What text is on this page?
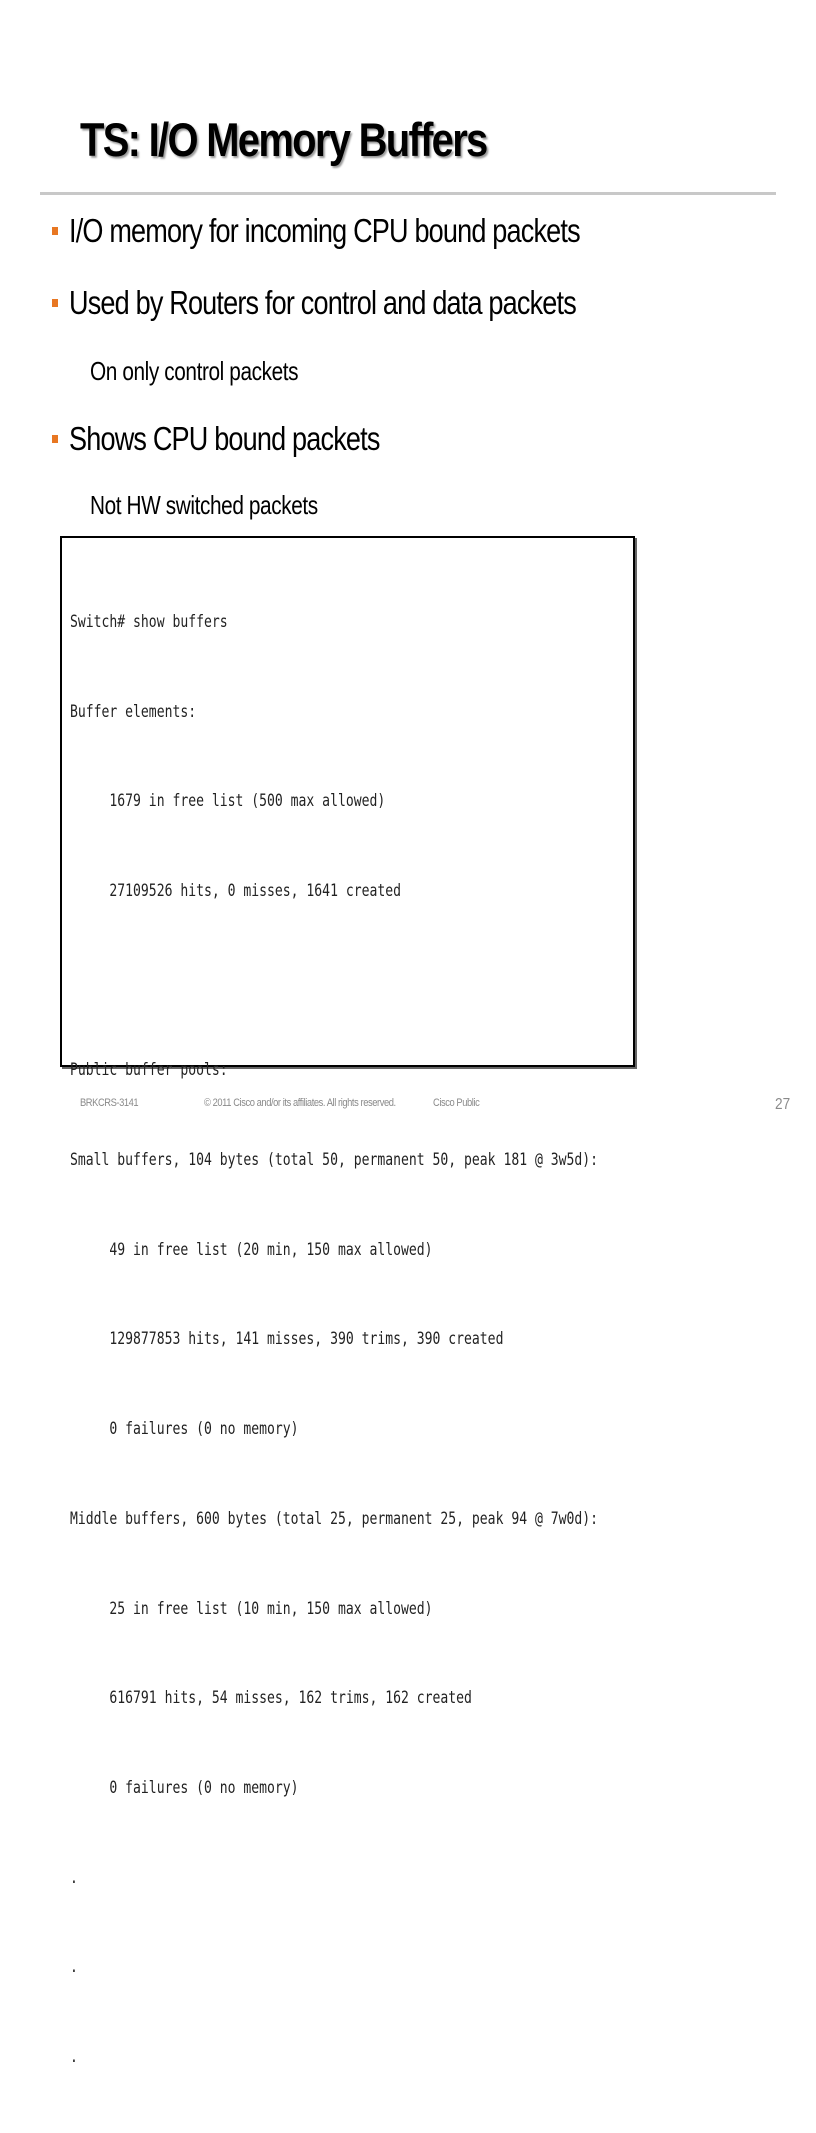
TS: I/O Memory Buffers
I/O memory for incoming CPU bound packets
Used by Routers for control and data packets
On only control packets
Shows CPU bound packets
Not HW switched packets

Switch# show buffers

Buffer elements:

1679 in free list (500 max allowed)

27109526 hits, 0 misses, 1641 created

Public buffer pools:

Small buffers, 104 bytes (total 50, permanent 50, peak 181 @ 3w5d):

49 in free list (20 min, 150 max allowed)

129877853 hits, 141 misses, 390 trims, 390 created

0 failures (0 no memory)

Middle buffers, 600 bytes (total 25, permanent 25, peak 94 @ 7w0d):

25 in free list (10 min, 150 max allowed)

616791 hits, 54 misses, 162 trims, 162 created

0 failures (0 no memory)

.

.

.

BRKCRS-3141	© 2011 Cisco and/or its affiliates. All rights reserved.	Cisco Public	27
